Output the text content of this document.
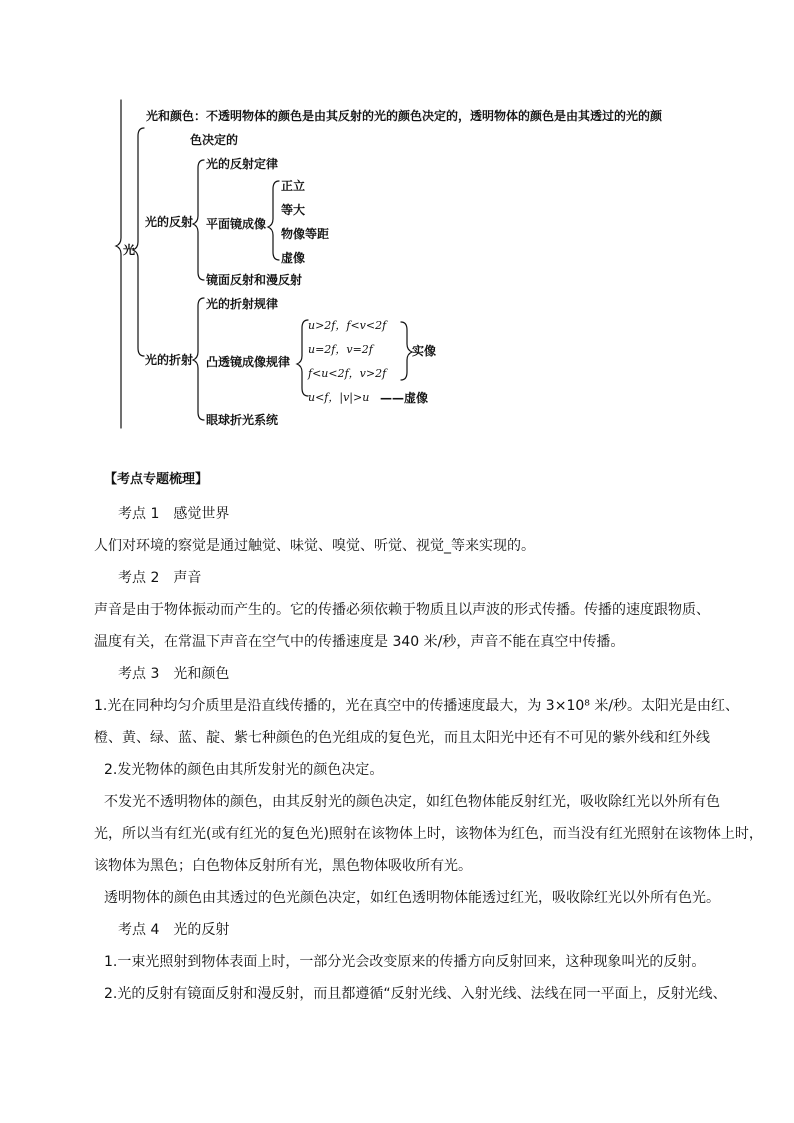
光
光和颜色：不透明物体的颜色是由其反射的光的颜色决定的，透明物体的颜色是由其透过的光的颜
色决定的
光的反射
光的反射定律
平面镜成像
正立
等大
物像等距
虚像
镜面反射和漫反射
光的折射
光的折射规律
凸透镜成像规律
u>2f，f<v<2f
u=2f，v=2f
f<u<2f，v>2f
实像
u<f，|v|>u ——虚像
眼球折光系统
【考点专题梳理】
考点 1　感觉世界
人们对环境的察觉是通过触觉、味觉、嗅觉、听觉、视觉_等来实现的。
考点 2　声音
声音是由于物体振动而产生的。它的传播必须依赖于物质且以声波的形式传播。传播的速度跟物质、
温度有关，在常温下声音在空气中的传播速度是 340 米/秒，声音不能在真空中传播。
考点 3　光和颜色
1.光在同种均匀介质里是沿直线传播的，光在真空中的传播速度最大，为 3×10⁸ 米/秒。太阳光是由红、
橙、黄、绿、蓝、靛、紫七种颜色的色光组成的复色光，而且太阳光中还有不可见的紫外线和红外线
2.发光物体的颜色由其所发射光的颜色决定。
不发光不透明物体的颜色，由其反射光的颜色决定，如红色物体能反射红光，吸收除红光以外所有色
光，所以当有红光(或有红光的复色光)照射在该物体上时，该物体为红色，而当没有红光照射在该物体上时，
该物体为黑色；白色物体反射所有光，黑色物体吸收所有光。
透明物体的颜色由其透过的色光颜色决定，如红色透明物体能透过红光，吸收除红光以外所有色光。
考点 4　光的反射
1.一束光照射到物体表面上时，一部分光会改变原来的传播方向反射回来，这种现象叫光的反射。
2.光的反射有镜面反射和漫反射，而且都遵循“反射光线、入射光线、法线在同一平面上，反射光线、
